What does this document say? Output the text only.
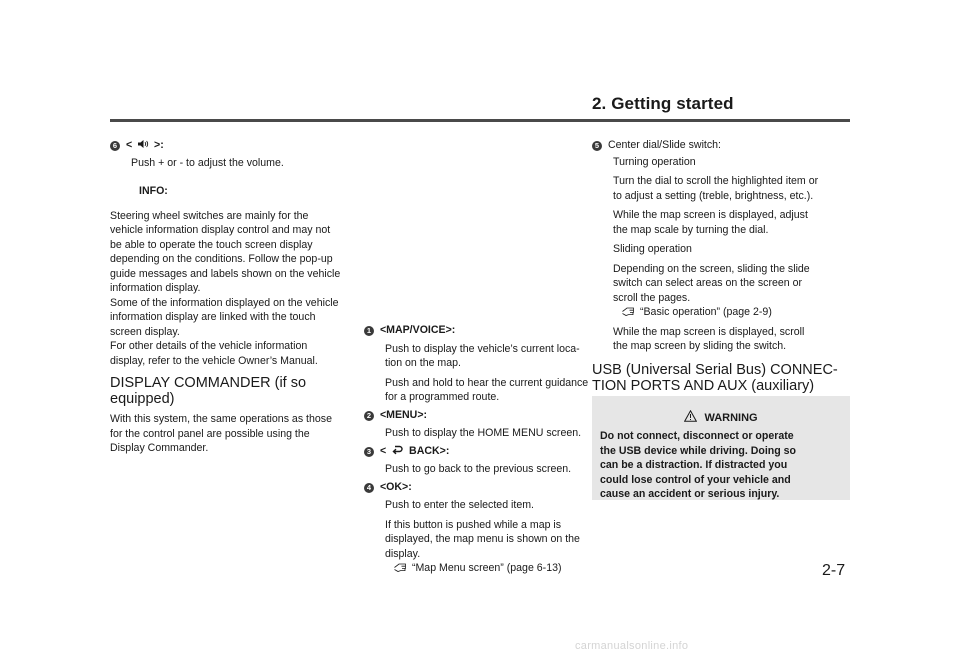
2. Getting started

6 < >:

Push + or - to adjust the volume.

INFO:

Steering wheel switches are mainly for the

vehicle information display control and may not

be able to operate the touch screen display

depending on the conditions. Follow the pop-up

guide messages and labels shown on the vehicle

information display.

Some of the information displayed on the vehicle

information display are linked with the touch

screen display.

For other details of the vehicle information

display, refer to the vehicle Owner’s Manual.

DISPLAY COMMANDER (if so

equipped)

With this system, the same operations as those

for the control panel are possible using the

Display Commander.

1 <MAP/VOICE>:

Push to display the vehicle’s current loca-

tion on the map.

Push and hold to hear the current guidance

for a programmed route.

2 <MENU>:

Push to display the HOME MENU screen.

3 < BACK>:

Push to go back to the previous screen.

4 <OK>:

Push to enter the selected item.

If this button is pushed while a map is

displayed, the map menu is shown on the

display.

“Map Menu screen” (page 6-13)

5 Center dial/Slide switch:

Turning operation

Turn the dial to scroll the highlighted item or

to adjust a setting (treble, brightness, etc.).

While the map screen is displayed, adjust

the map scale by turning the dial.

Sliding operation

Depending on the screen, sliding the slide

switch can select areas on the screen or

scroll the pages.

“Basic operation” (page 2-9)

While the map screen is displayed, scroll

the map screen by sliding the switch.

USB (Universal Serial Bus) CONNEC-

TION PORTS AND AUX (auxiliary)

WARNING

Do not connect, disconnect or operate

the USB device while driving. Doing so

can be a distraction. If distracted you

could lose control of your vehicle and

cause an accident or serious injury.

2-7
carmanualsonline.info
